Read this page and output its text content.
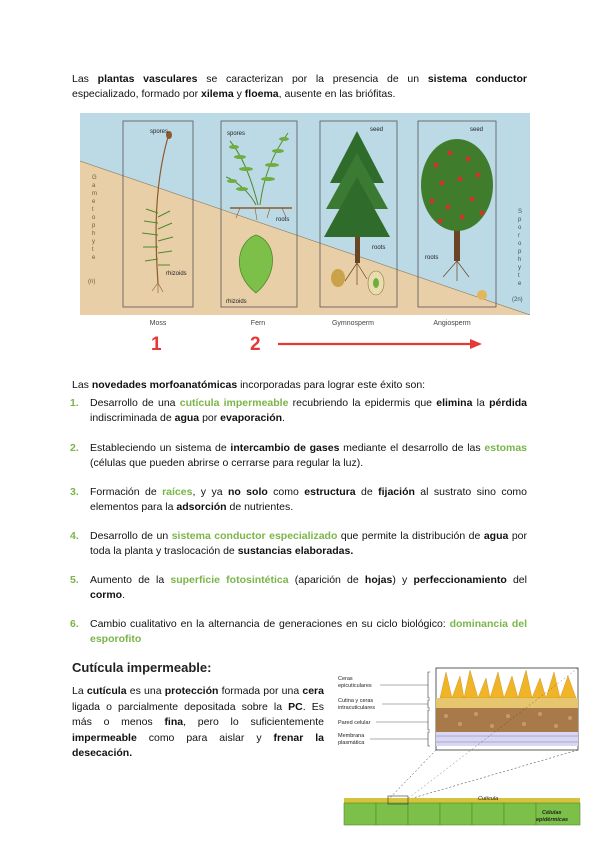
Las plantas vasculares se caracterizan por la presencia de un sistema conductor especializado, formado por xilema y floema, ausente en las briófitas.

G a m e t o p h y t e
(n)
S p o r o p h y t e
(2n)
spores
rhizoids
spores
roots
rhizoids
seed
roots
seed
roots
Moss	Fern	Gymnosperm	Angiosperm
1	2

Las novedades morfoanatómicas incorporadas para lograr este éxito son:

1. Desarrollo de una cutícula impermeable recubriendo la epidermis que elimina la pérdida indiscriminada de agua por evaporación.
2. Estableciendo un sistema de intercambio de gases mediante el desarrollo de las estomas (células que pueden abrirse o cerrarse para regular la luz).
3. Formación de raíces, y ya no solo como estructura de fijación al sustrato sino como elementos para la adsorción de nutrientes.
4. Desarrollo de un sistema conductor especializado que permite la distribución de agua por toda la planta y traslocación de sustancias elaboradas.
5. Aumento de la superficie fotosintética (aparición de hojas) y perfeccionamiento del cormo.
6. Cambio cualitativo en la alternancia de generaciones en su ciclo biológico: dominancia del esporofito
Cutícula impermeable:

La cutícula es una protección formada por una cera ligada o parcialmente depositada sobre la PC. Es más o menos fina, pero lo suficientemente impermeable como para aislar y frenar la desecación.

Ceras
epicuticulares
Cutina y ceras
intracuticulares
Pared celular
Membrana
plasmática
Cutícula
Células
epidérmicas
